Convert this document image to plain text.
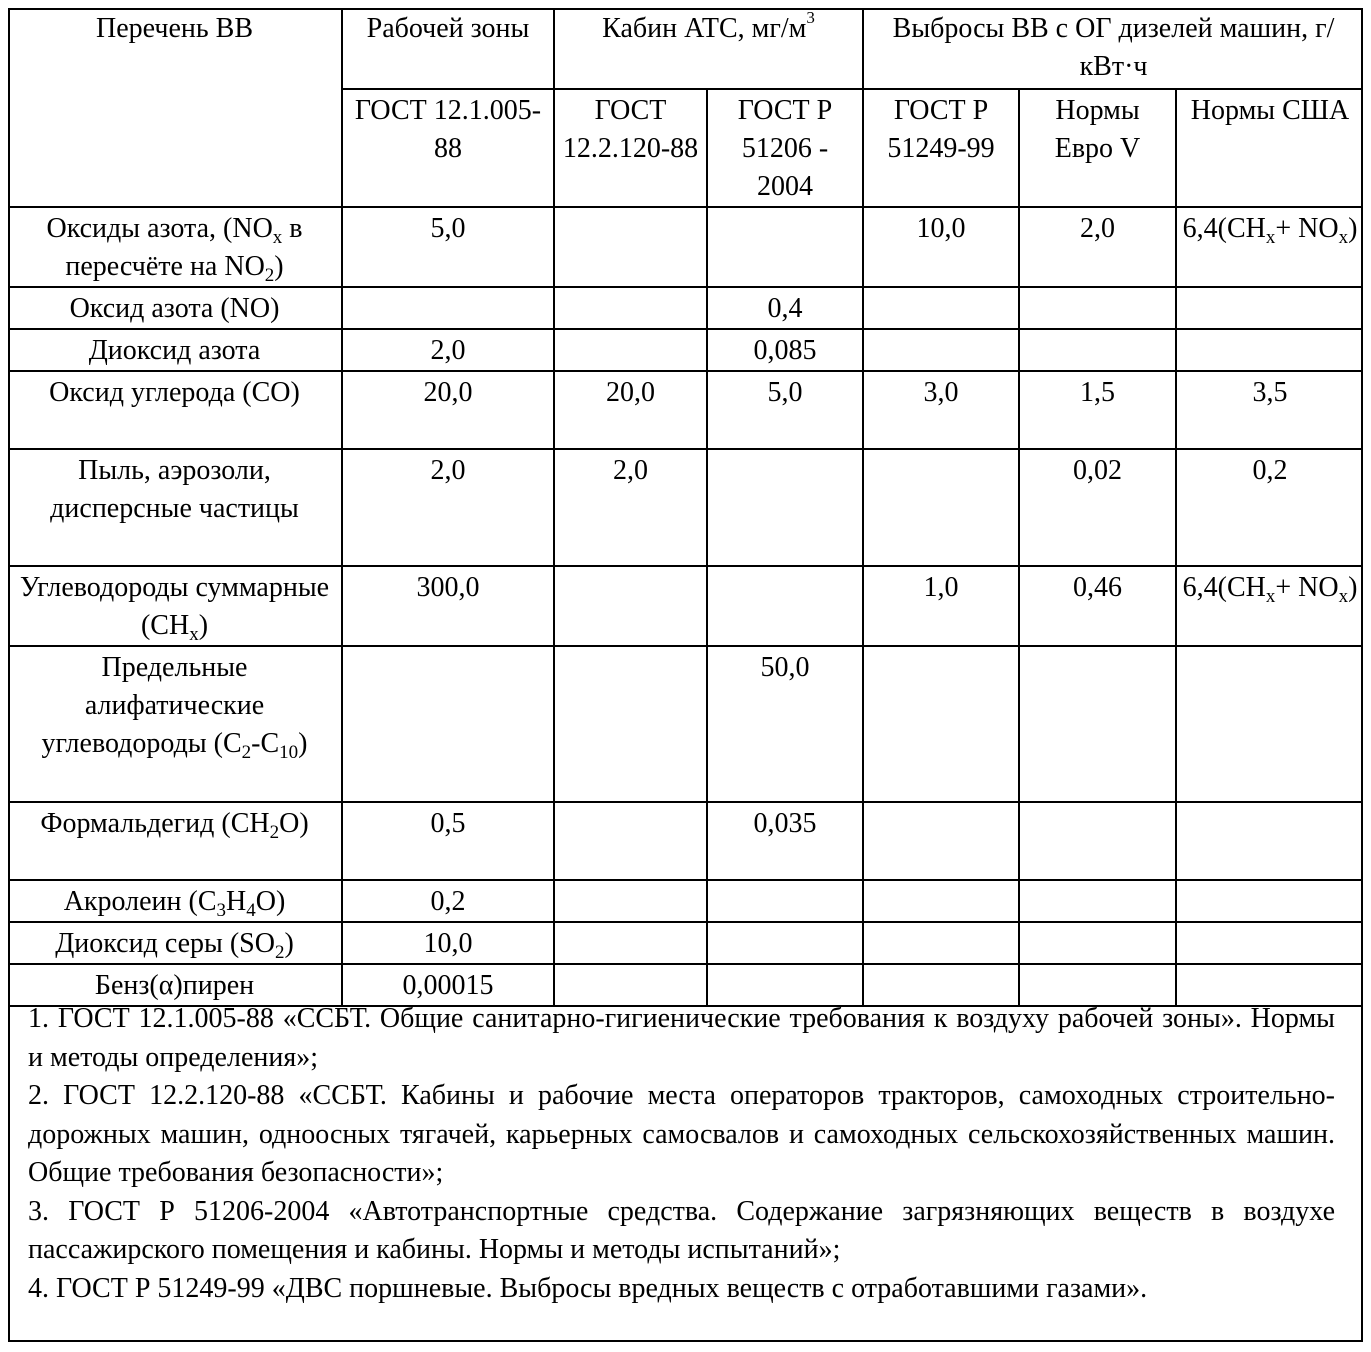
Перечень ВВ	Рабочей зоны	Кабин АТС, $мг/м^3$		Выбросы ВВ с ОГ дизелей машин, г/кВт·ч		
	ГОСТ 12.1.005-88	ГОСТ 12.2.120-88	ГОСТ Р 51206 - 2004	ГОСТ Р 51249-99	Нормы Евро V	Нормы США
Оксиды азота, ($NO_x$ в пересчёте на $NO_2$)	5,0			10,0	2,0	$6,4(CH_x+ NO_x)$
Оксид азота (NO)			0,4			
Диоксид азота	2,0		0,085			
Оксид углерода (CO)	20,0	20,0	5,0	3,0	1,5	3,5
Пыль, аэрозоли, дисперсные частицы	2,0	2,0			0,02	0,2
Углеводороды суммарные $(CH_x)$	300,0			1,0	0,46	$6,4(CH_x+ NO_x)$
Предельные алифатические углеводороды $(C_2-C_{10})$			50,0			
Формальдегид $(CH_2O)$	0,5		0,035			
Акролеин $(C_3H_4O)$	0,2					
Диоксид серы $(SO_2)$	10,0					
Бенз(α)пирен	0,00015					
1. ГОСТ 12.1.005-88 «ССБТ. Общие санитарно-гигиенические требования к воздуху рабочей зоны». Нормы и методы определения»;
2. ГОСТ 12.2.120-88 «ССБТ. Кабины и рабочие места операторов тракторов, самоходных строительно-дорожных машин, одноосных тягачей, карьерных самосвалов и самоходных сельскохозяйственных машин. Общие требования безопасности»;
3. ГОСТ Р 51206-2004 «Автотранспортные средства. Содержание загрязняющих веществ в воздухе пассажирского помещения и кабины. Нормы и методы испытаний»;
4. ГОСТ Р 51249-99 «ДВС поршневые. Выбросы вредных веществ с отработавшими газами».
